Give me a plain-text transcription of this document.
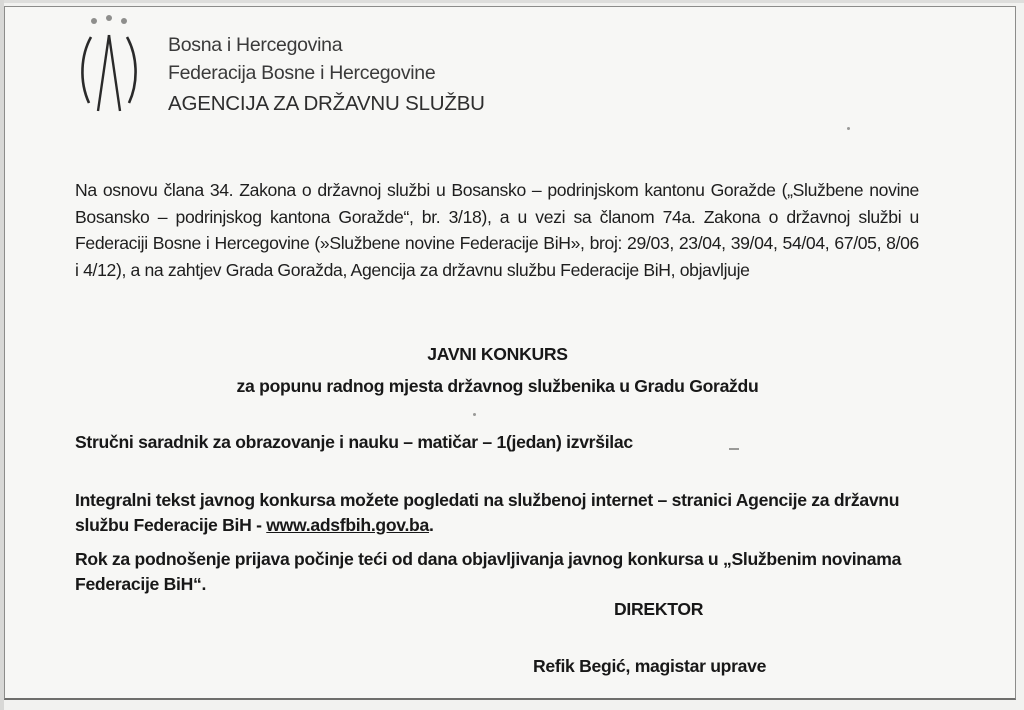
Bosna i Hercegovina
Federacija Bosne i Hercegovine
AGENCIJA ZA DRŽAVNU SLUŽBU

Na osnovu člana 34. Zakona o državnoj službi u Bosansko – podrinjskom kantonu Goražde („Službene novine Bosansko – podrinjskog kantona Goražde“, br. 3/18), a u vezi sa članom 74a. Zakona o državnoj službi u Federaciji Bosne i Hercegovine (»Službene novine Federacije BiH», broj: 29/03, 23/04, 39/04, 54/04, 67/05, 8/06 i 4/12), a na zahtjev Grada Goražda, Agencija za državnu službu Federacije BiH, objavljuje

JAVNI KONKURS
za popunu radnog mjesta državnog službenika u Gradu Goraždu
Stručni saradnik za obrazovanje i nauku – matičar – 1(jedan) izvršilac
Integralni tekst javnog konkursa možete pogledati na službenoj internet – stranici Agencije za državnu službu Federacije BiH - www.adsfbih.gov.ba.
Rok za podnošenje prijava počinje teći od dana objavljivanja javnog konkursa u „Službenim novinama Federacije BiH“.
DIREKTOR
Refik Begić, magistar uprave
